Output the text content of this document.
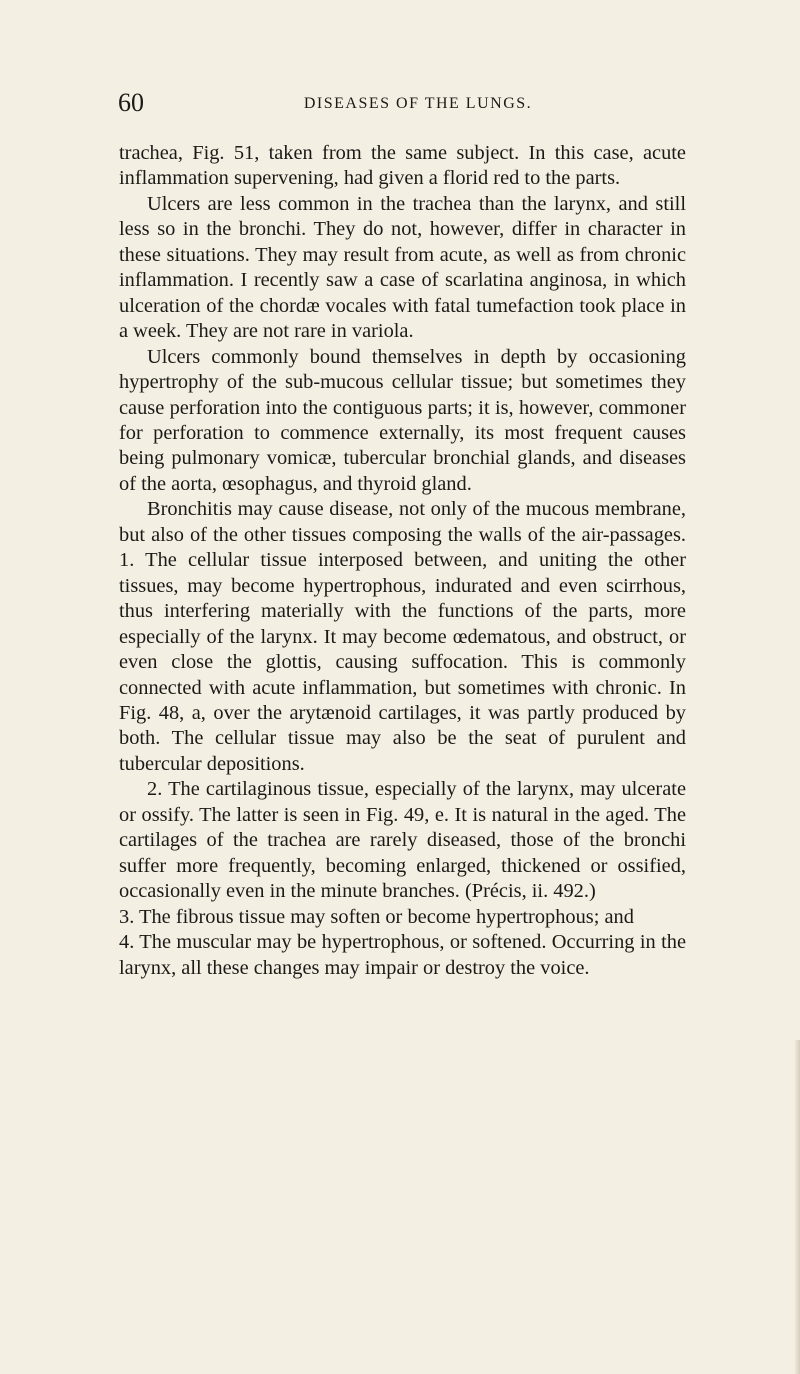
60	DISEASES OF THE LUNGS.

trachea, Fig. 51, taken from the same subject. In this case, acute inflammation supervening, had given a florid red to the parts.

Ulcers are less common in the trachea than the larynx, and still less so in the bronchi. They do not, however, differ in character in these situations. They may result from acute, as well as from chronic inflammation. I recently saw a case of scarlatina anginosa, in which ulceration of the chordæ vocales with fatal tumefaction took place in a week. They are not rare in variola.

Ulcers commonly bound themselves in depth by occasioning hypertrophy of the sub-mucous cellular tissue; but sometimes they cause perforation into the contiguous parts; it is, however, commoner for perforation to commence externally, its most frequent causes being pulmonary vomicæ, tubercular bronchial glands, and diseases of the aorta, œsophagus, and thyroid gland.

Bronchitis may cause disease, not only of the mucous membrane, but also of the other tissues composing the walls of the air-passages. 1. The cellular tissue interposed between, and uniting the other tissues, may become hypertrophous, indurated and even scirrhous, thus interfering materially with the functions of the parts, more especially of the larynx. It may become œdematous, and obstruct, or even close the glottis, causing suffocation. This is commonly connected with acute inflammation, but sometimes with chronic. In Fig. 48, a, over the arytænoid cartilages, it was partly produced by both. The cellular tissue may also be the seat of purulent and tubercular depositions.

2. The cartilaginous tissue, especially of the larynx, may ulcerate or ossify. The latter is seen in Fig. 49, e. It is natural in the aged. The cartilages of the trachea are rarely diseased, those of the bronchi suffer more frequently, becoming enlarged, thickened or ossified, occasionally even in the minute branches. (Précis, ii. 492.)

3. The fibrous tissue may soften or become hypertrophous; and

4. The muscular may be hypertrophous, or softened. Occurring in the larynx, all these changes may impair or destroy the voice.
